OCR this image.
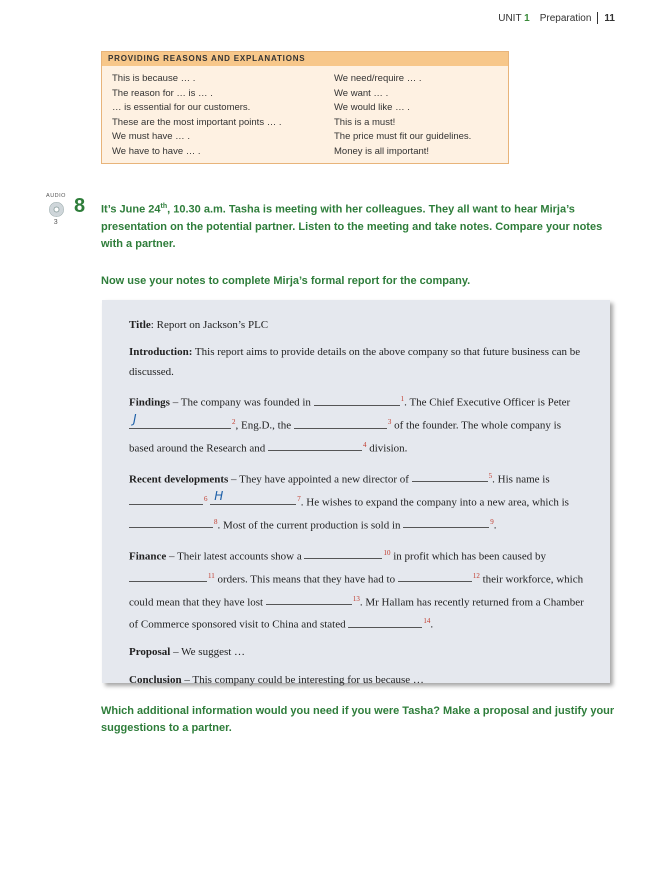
UNIT 1 Preparation 11
PROVIDING REASONS AND EXPLANATIONS
This is because … .
The reason for … is … .
… is essential for our customers.
These are the most important points … .
We must have … .
We have to have … .
We need/require … .
We want … .
We would like … .
This is a must!
The price must fit our guidelines.
Money is all important!
AUDIO
3
8 It’s June 24th, 10.30 a.m. Tasha is meeting with her colleagues. They all want to hear Mirja’s presentation on the potential partner. Listen to the meeting and take notes. Compare your notes with a partner.
Now use your notes to complete Mirja’s formal report for the company.

Title: Report on Jackson’s PLC

Introduction: This report aims to provide details on the above company so that future business can be discussed.

Findings – The company was founded in	$^1$. The Chief Executive Officer is Peter
J	$^2$, Eng.D., the	$^3$ of the founder. The whole company is based around the Research and	$^4$ division.

Recent developments – They have appointed a new director of	$^5$. His name is $^6$ H	$^7$. He wishes to expand the company into a new area, which is $^8$. Most of the current production is sold in	$^9$.

Finance – Their latest accounts show a	$^{10}$ in profit which has been caused by $^{11}$ orders. This means that they have had to	$^{12}$ their workforce, which could mean that they have lost	$^{13}$. Mr Hallam has recently returned from a Chamber of Commerce sponsored visit to China and stated	$^{14}$.

Proposal – We suggest …

Conclusion – This company could be interesting for us because …

Which additional information would you need if you were Tasha? Make a proposal and justify your suggestions to a partner.
